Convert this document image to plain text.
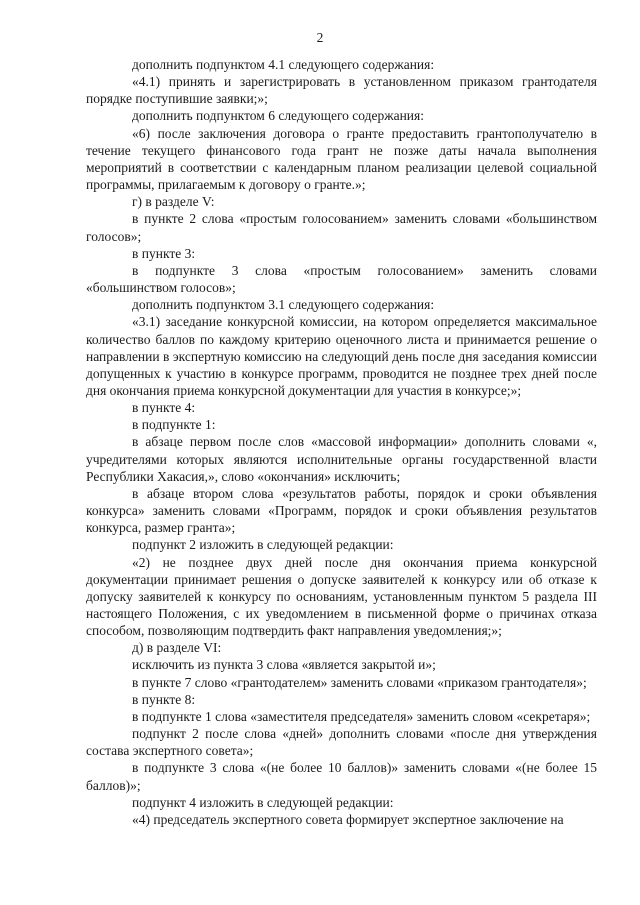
2

дополнить подпунктом 4.1 следующего содержания:

«4.1) принять и зарегистрировать в установленном приказом грантодателя порядке поступившие заявки;»;

дополнить подпунктом 6 следующего содержания:

«6) после заключения договора о гранте предоставить грантополучателю в течение текущего финансового года грант не позже даты начала выполнения мероприятий в соответствии с календарным планом реализации целевой социальной программы, прилагаемым к договору о гранте.»;

г) в разделе V:

в пункте 2 слова «простым голосованием» заменить словами «большинством голосов»;

в пункте 3:

в подпункте 3 слова «простым голосованием» заменить словами «большинством голосов»;

дополнить подпунктом 3.1 следующего содержания:

«3.1) заседание конкурсной комиссии, на котором определяется максимальное количество баллов по каждому критерию оценочного листа и принимается решение о направлении в экспертную комиссию на следующий день после дня заседания комиссии допущенных к участию в конкурсе программ, проводится не позднее трех дней после дня окончания приема конкурсной документации для участия в конкурсе;»;

в пункте 4:

в подпункте 1:

в абзаце первом после слов «массовой информации» дополнить словами «, учредителями которых являются исполнительные органы государственной власти Республики Хакасия,», слово «окончания» исключить;

в абзаце втором слова «результатов работы, порядок и сроки объявления конкурса» заменить словами «Программ, порядок и сроки объявления результатов конкурса, размер гранта»;

подпункт 2 изложить в следующей редакции:

«2) не позднее двух дней после дня окончания приема конкурсной документации принимает решения о допуске заявителей к конкурсу или об отказе к допуску заявителей к конкурсу по основаниям, установленным пунктом 5 раздела III настоящего Положения, с их уведомлением в письменной форме о причинах отказа способом, позволяющим подтвердить факт направления уведомления;»;

д) в разделе VI:

исключить из пункта 3 слова «является закрытой и»;

в пункте 7 слово «грантодателем» заменить словами «приказом грантодателя»;

в пункте 8:

в подпункте 1 слова «заместителя председателя» заменить словом «секретаря»;

подпункт 2 после слова «дней» дополнить словами «после дня утверждения состава экспертного совета»;

в подпункте 3 слова «(не более 10 баллов)» заменить словами «(не более 15 баллов)»;

подпункт 4 изложить в следующей редакции:

«4) председатель экспертного совета формирует экспертное заключение на
